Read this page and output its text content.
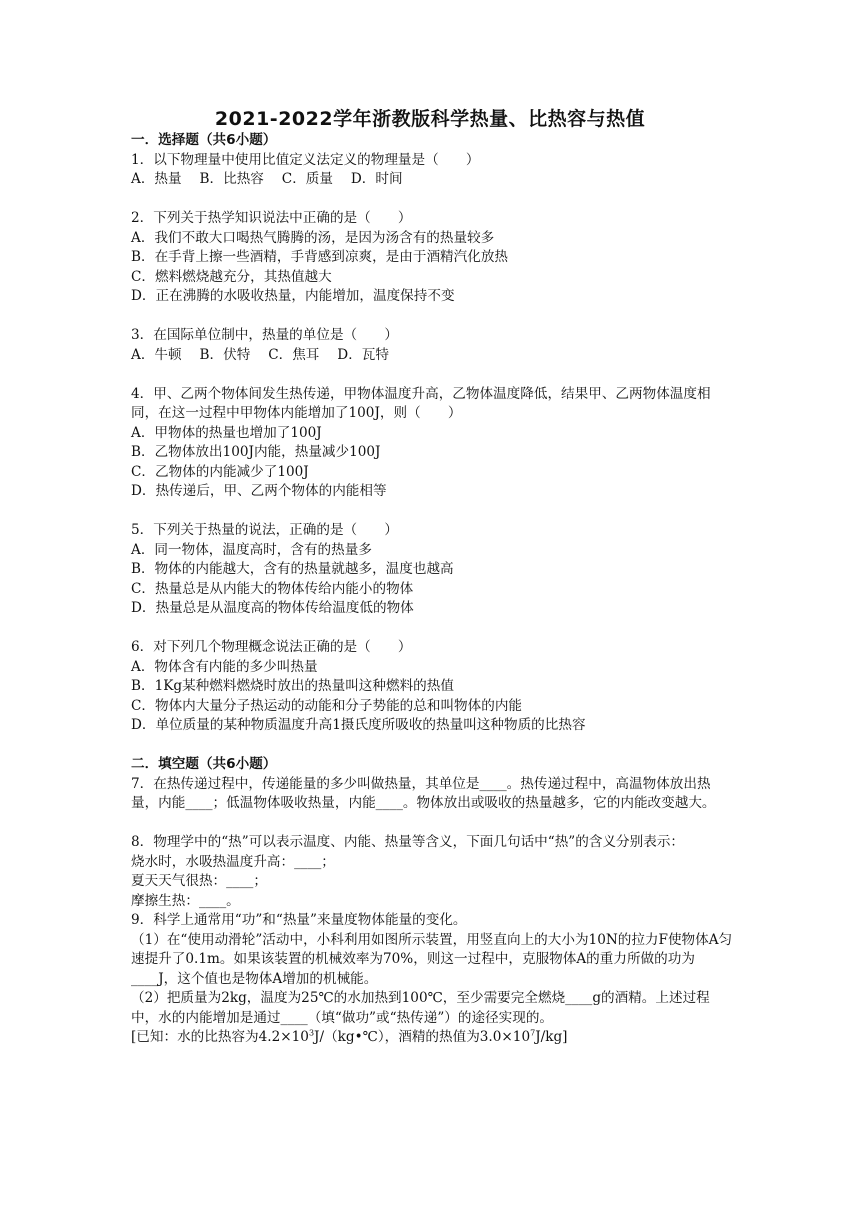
2021-2022学年浙教版科学热量、比热容与热值
一．选择题（共6小题）
1．以下物理量中使用比值定义法定义的物理量是（　　）
A．热量　 B．比热容　 C．质量　 D．时间
2．下列关于热学知识说法中正确的是（　　）
A．我们不敢大口喝热气腾腾的汤，是因为汤含有的热量较多
B．在手背上擦一些酒精，手背感到凉爽，是由于酒精汽化放热
C．燃料燃烧越充分，其热值越大
D．正在沸腾的水吸收热量，内能增加，温度保持不变
3．在国际单位制中，热量的单位是（　　）
A．牛顿　 B．伏特　 C．焦耳　 D．瓦特
4．甲、乙两个物体间发生热传递，甲物体温度升高，乙物体温度降低，结果甲、乙两物体温度相同，在这一过程中甲物体内能增加了100J，则（　　）
A．甲物体的热量也增加了100J
B．乙物体放出100J内能，热量减少100J
C．乙物体的内能减少了100J
D．热传递后，甲、乙两个物体的内能相等
5．下列关于热量的说法，正确的是（　　）
A．同一物体，温度高时，含有的热量多
B．物体的内能越大，含有的热量就越多，温度也越高
C．热量总是从内能大的物体传给内能小的物体
D．热量总是从温度高的物体传给温度低的物体
6．对下列几个物理概念说法正确的是（　　）
A．物体含有内能的多少叫热量
B．1Kg某种燃料燃烧时放出的热量叫这种燃料的热值
C．物体内大量分子热运动的动能和分子势能的总和叫物体的内能
D．单位质量的某种物质温度升高1摄氏度所吸收的热量叫这种物质的比热容
二．填空题（共6小题）
7．在热传递过程中，传递能量的多少叫做热量，其单位是____。热传递过程中，高温物体放出热量，内能____；低温物体吸收热量，内能____。物体放出或吸收的热量越多，它的内能改变越大。
8．物理学中的“热”可以表示温度、内能、热量等含义，下面几句话中“热”的含义分别表示：
烧水时，水吸热温度升高：____；
夏天天气很热：____；
摩擦生热：____。
9．科学上通常用“功”和“热量”来量度物体能量的变化。
（1）在“使用动滑轮”活动中，小科利用如图所示装置，用竖直向上的大小为10N的拉力F使物体A匀速提升了0.1m。如果该装置的机械效率为70%，则这一过程中，克服物体A的重力所做的功为____J，这个值也是物体A增加的机械能。
（2）把质量为2kg，温度为25℃的水加热到100℃，至少需要完全燃烧____g的酒精。上述过程中，水的内能增加是通过____（填“做功”或“热传递”）的途径实现的。
[已知：水的比热容为$4.2\times 10^3J/(kg•℃)$，酒精的热值为$3.0\times 10^7J/kg$]
